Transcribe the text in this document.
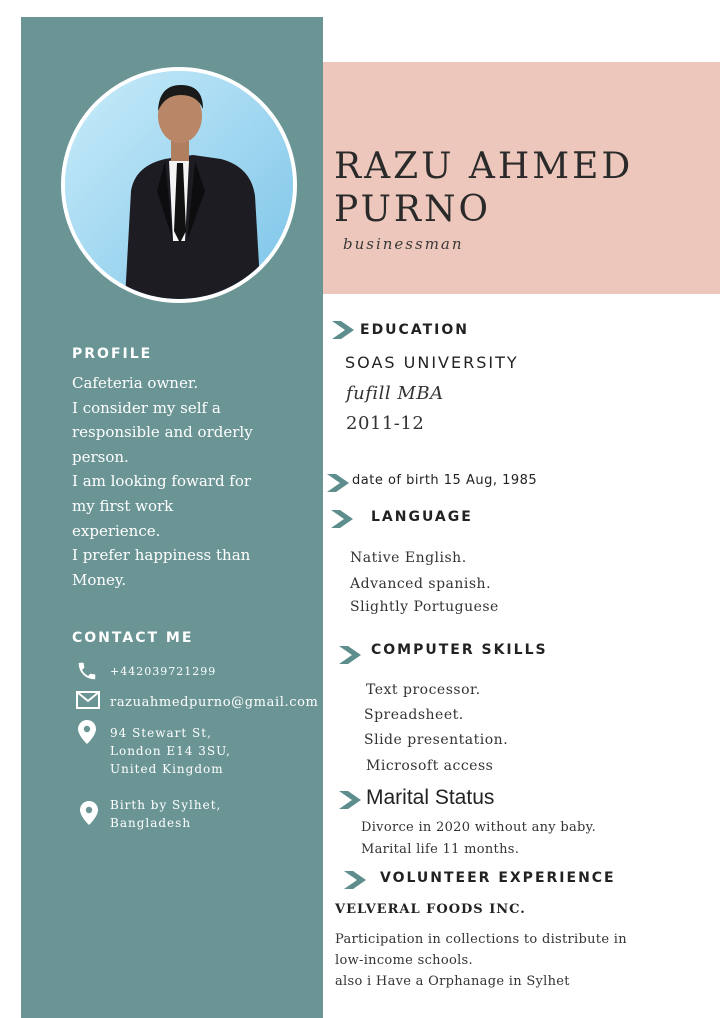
RAZU AHMED
PURNO
businessman
PROFILE
Cafeteria owner.
I consider my self a
responsible and orderly
person.
I am looking foward for
my first work
experience.
I prefer happiness than
Money.
CONTACT ME
+442039721299
razuahmedpurno@gmail.com
94 Stewart St,
London E14 3SU,
United Kingdom
Birth by Sylhet,
Bangladesh
EDUCATION
SOAS UNIVERSITY
fufill MBA
2011-12
date of birth 15 Aug, 1985
LANGUAGE
Native English.
Advanced spanish.
Slightly Portuguese
COMPUTER SKILLS
Text processor.
Spreadsheet.
Slide presentation.
Microsoft access
Marital Status
Divorce in 2020 without any baby.
Marital life 11 months.
VOLUNTEER EXPERIENCE
VELVERAL FOODS INC.
Participation in collections to distribute in
low-income schools.
also i Have a Orphanage in Sylhet
